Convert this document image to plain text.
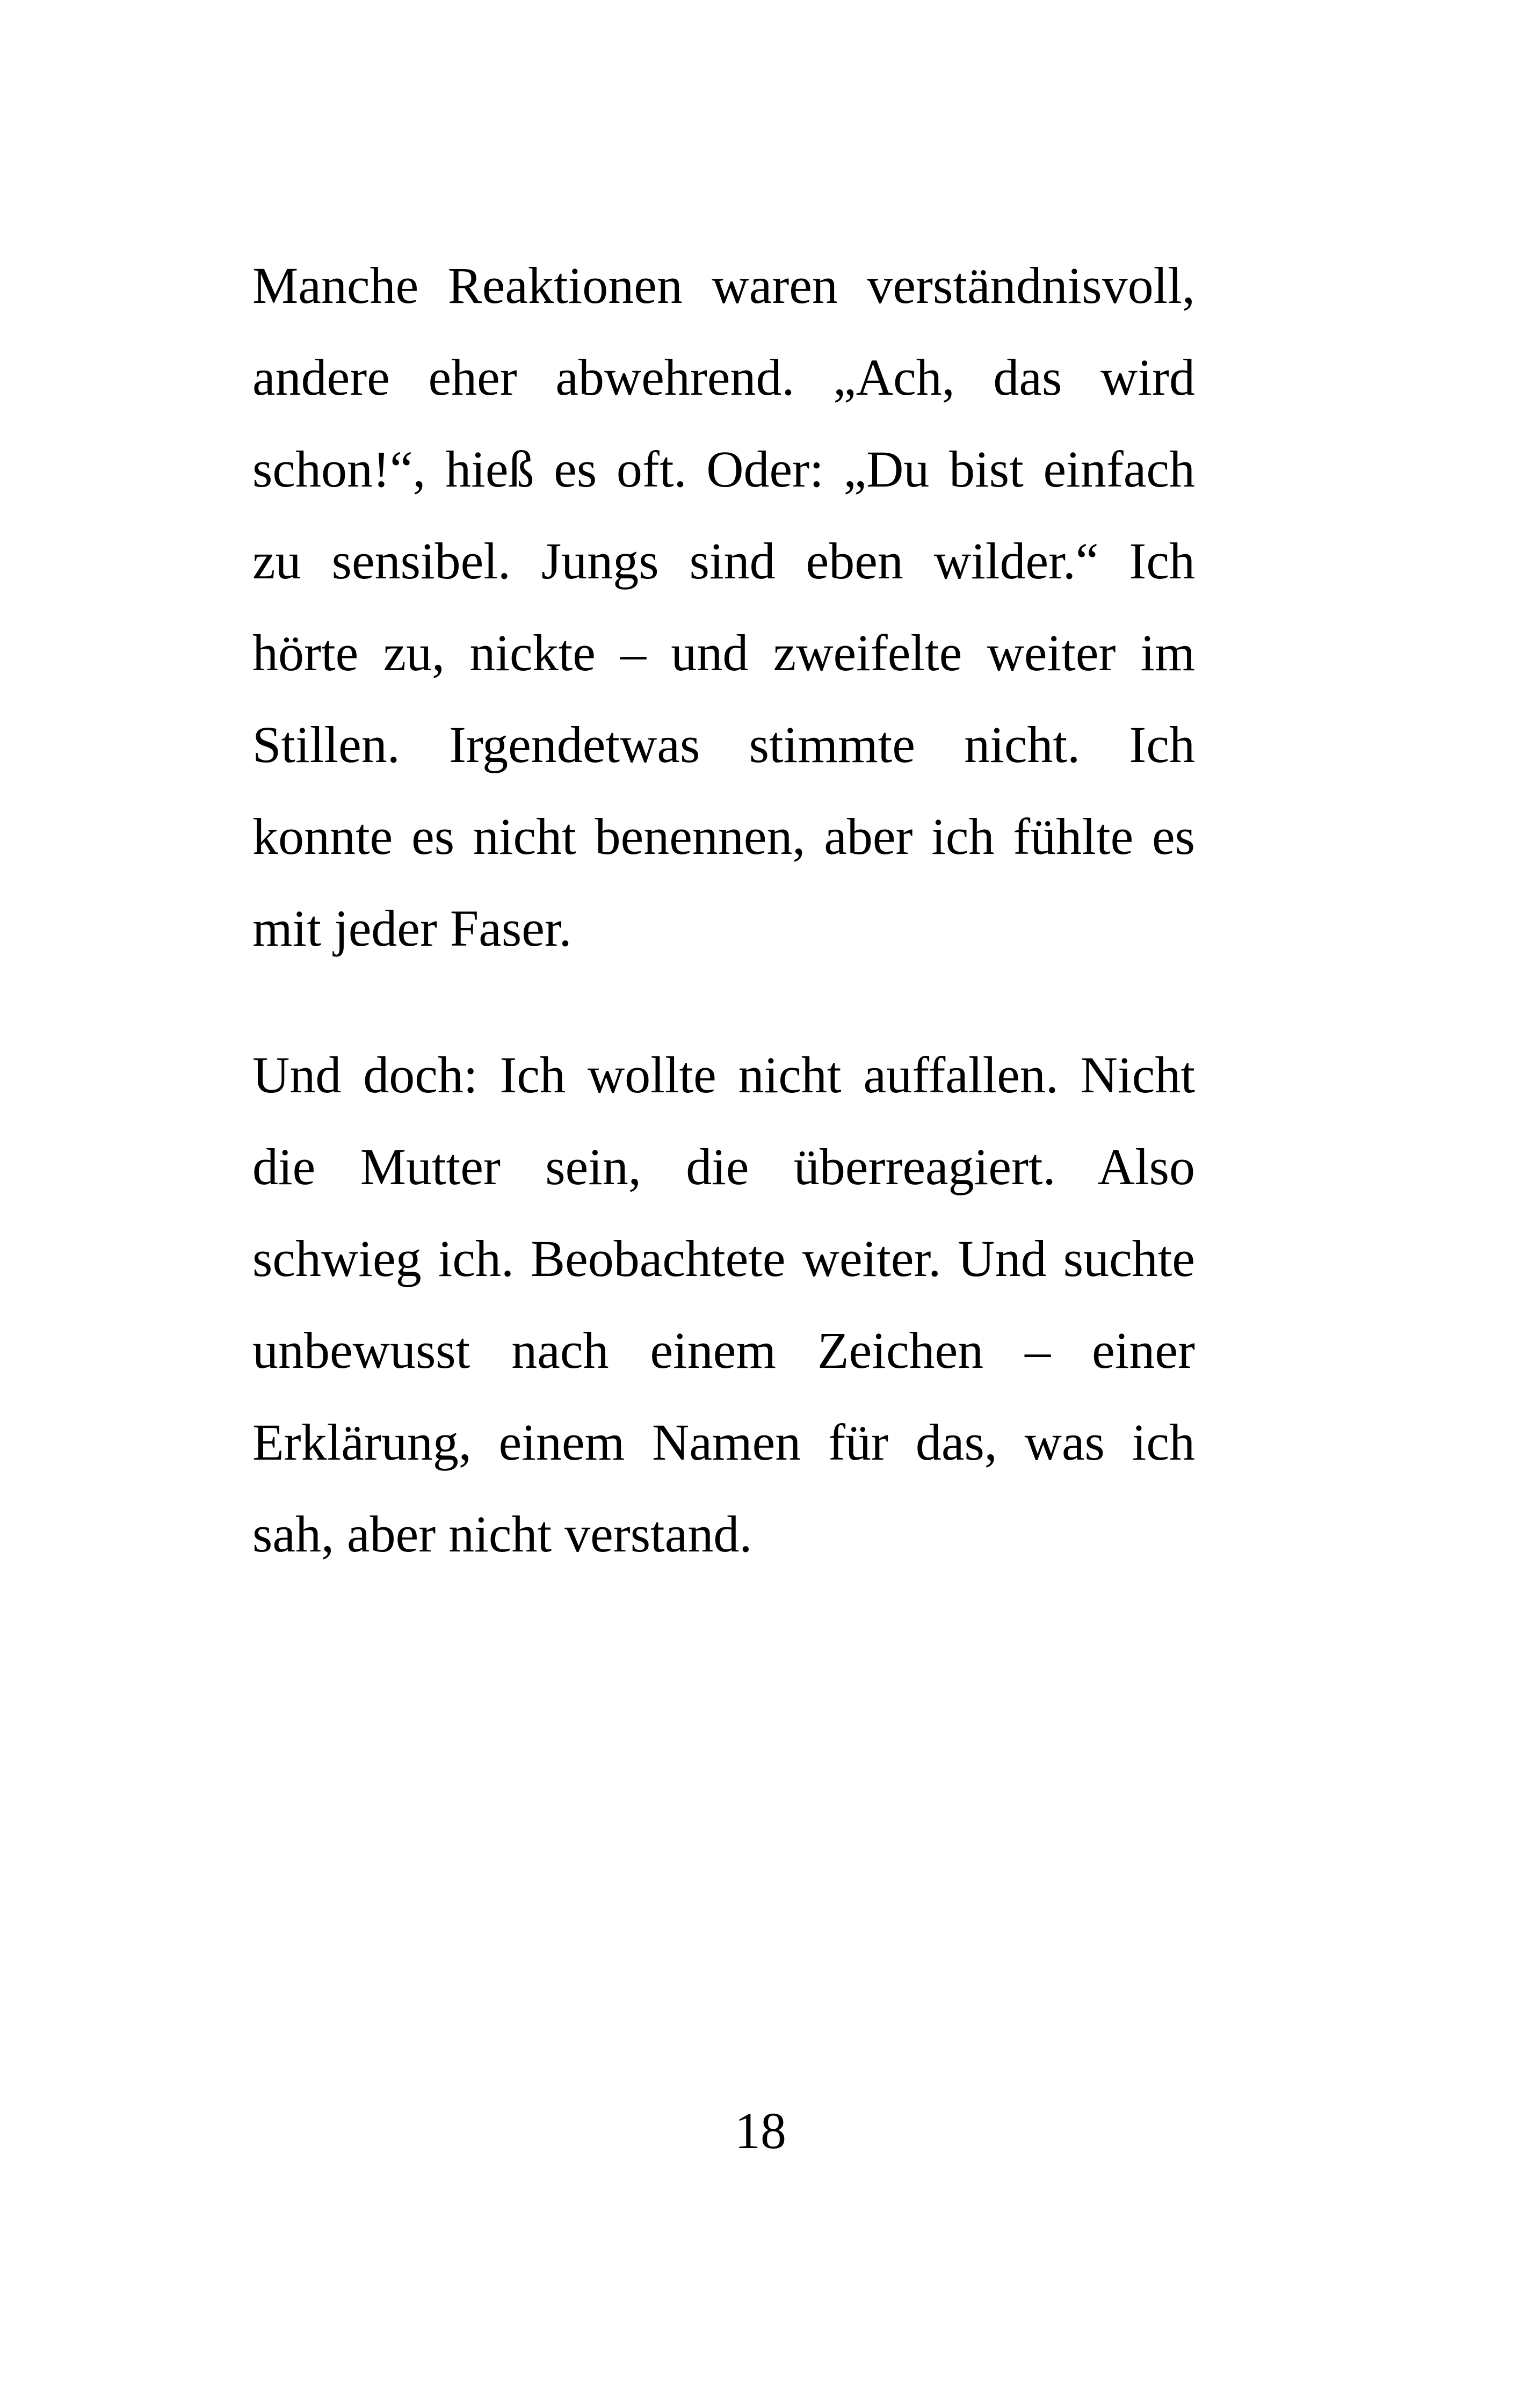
Manche Reaktionen waren verständnisvoll,
andere eher abwehrend. „Ach, das wird
schon!“, hieß es oft. Oder: „Du bist einfach
zu sensibel. Jungs sind eben wilder.“ Ich
hörte zu, nickte – und zweifelte weiter im
Stillen. Irgendetwas stimmte nicht. Ich
konnte es nicht benennen, aber ich fühlte es
mit jeder Faser.
Und doch: Ich wollte nicht auffallen. Nicht
die Mutter sein, die überreagiert. Also
schwieg ich. Beobachtete weiter. Und suchte
unbewusst nach einem Zeichen – einer
Erklärung, einem Namen für das, was ich
sah, aber nicht verstand.
18
